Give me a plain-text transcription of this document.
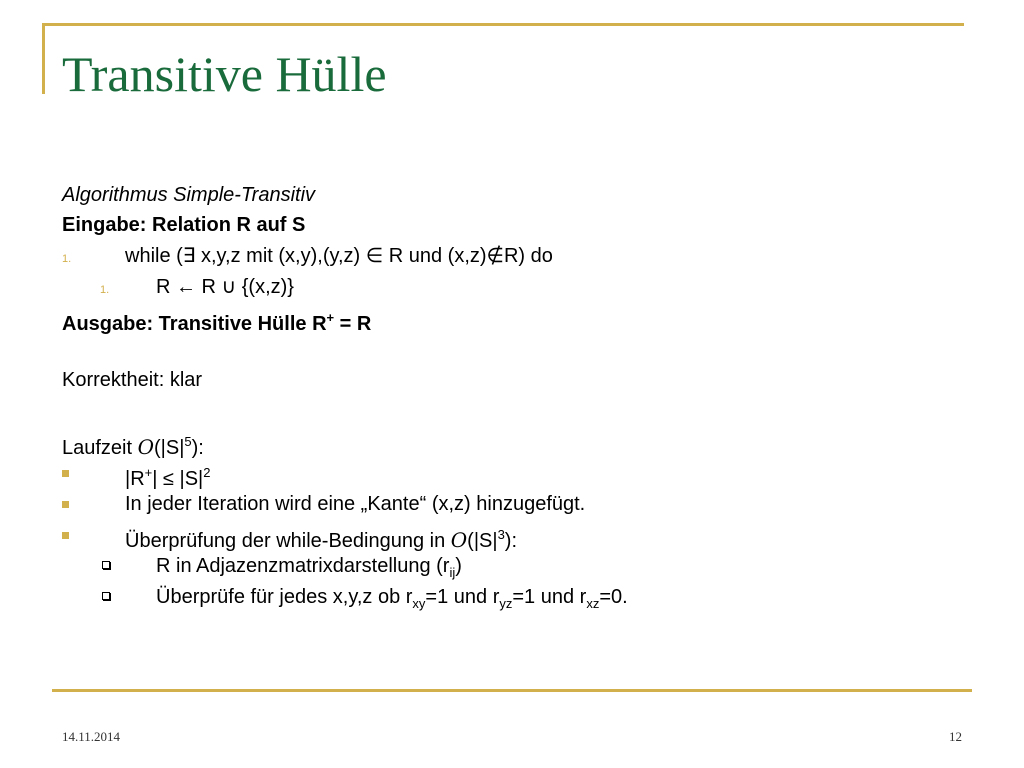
Transitive Hülle
Algorithmus Simple-Transitiv
Eingabe: Relation R auf S
1.	while (∃ x,y,z mit (x,y),(y,z) ∈ R und (x,z)∉R) do
1. R ← R ∪ {(x,z)}
Ausgabe: Transitive Hülle R+ = R
Korrektheit: klar
Laufzeit $O(|S|^5)$:
$|R^+| \le |S|^2$
In jeder Iteration wird eine „Kante“ (x,z) hinzugefügt.
Überprüfung der while-Bedingung in $O(|S|^3)$:
R in Adjazenzmatrixdarstellung $(r_{ij})$
Überprüfe für jedes x,y,z ob $r_{xy}=1$ und $r_{yz}=1$ und $r_{xz}=0$.
14.11.2014	12
